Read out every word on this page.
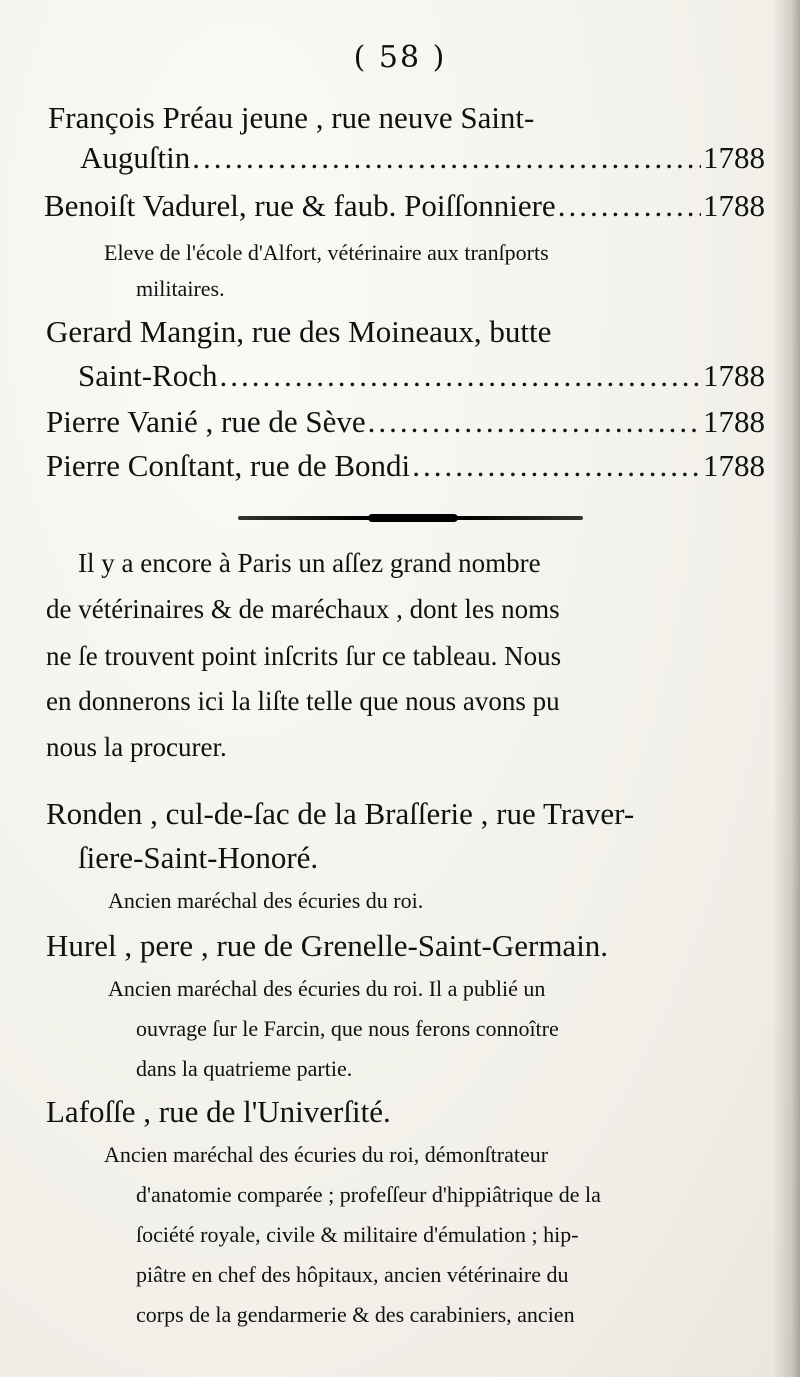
( 58 )
François Préau jeune , rue neuve Saint-
Auguſtin .....	1788
Benoiſt Vadurel, rue & faub. Poiſſonniere .....	1788
Eleve de l'école d'Alfort, vétérinaire aux tranſports
militaires.
Gerard Mangin, rue des Moineaux, butte
Saint-Roch .....	1788
Pierre Vanié , rue de Sève .....	1788
Pierre Conſtant, rue de Bondi .....	1788
Il y a encore à Paris un aſſez grand nombre
de vétérinaires & de maréchaux , dont les noms
ne ſe trouvent point inſcrits ſur ce tableau. Nous
en donnerons ici la liſte telle que nous avons pu
nous la procurer.
Ronden , cul-de-ſac de la Braſſerie , rue Traver-
ſiere-Saint-Honoré.
Ancien maréchal des écuries du roi.
Hurel , pere , rue de Grenelle-Saint-Germain.
Ancien maréchal des écuries du roi. Il a publié un
ouvrage ſur le Farcin, que nous ferons connoître
dans la quatrieme partie.
Lafoſſe , rue de l'Univerſité.
Ancien maréchal des écuries du roi, démonſtrateur
d'anatomie comparée ; profeſſeur d'hippiâtrique de la
ſociété royale, civile & militaire d'émulation ; hip-
piâtre en chef des hôpitaux, ancien vétérinaire du
corps de la gendarmerie & des carabiniers, ancien
